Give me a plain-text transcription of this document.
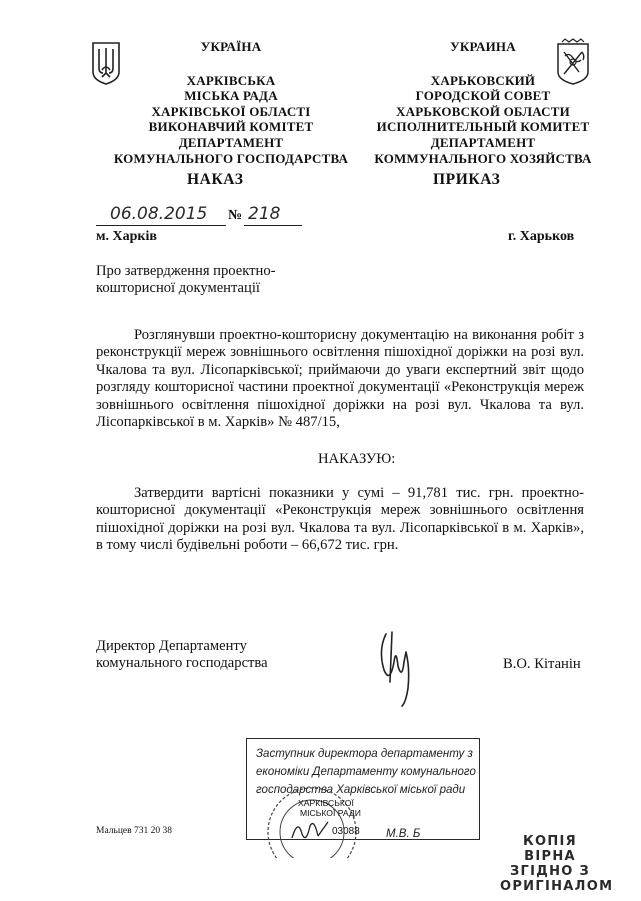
УКРАЇНА
ХАРКІВСЬКА
МІСЬКА РАДА
ХАРКІВСЬКОЇ ОБЛАСТІ
ВИКОНАВЧИЙ КОМІТЕТ
ДЕПАРТАМЕНТ
КОМУНАЛЬНОГО ГОСПОДАРСТВА
УКРАИНА
ХАРЬКОВСКИЙ
ГОРОДСКОЙ СОВЕТ
ХАРЬКОВСКОЙ ОБЛАСТИ
ИСПОЛНИТЕЛЬНЫЙ КОМИТЕТ
ДЕПАРТАМЕНТ
КОММУНАЛЬНОГО ХОЗЯЙСТВА
НАКАЗ	ПРИКАЗ
06.08.2015 № 218
м. Харків	г. Харьков
Про затвердження проектно-
кошторисної документації
Розглянувши проектно-кошторисну документацію на виконання робіт з реконструкції мереж зовнішнього освітлення пішохідної доріжки на розі вул. Чкалова та вул. Лісопарківської; приймаючи до уваги експертний звіт щодо розгляду кошторисної частини проектної документації «Реконструкція мереж зовнішнього освітлення пішохідної доріжки на розі вул. Чкалова та вул. Лісопарківської в м. Харків» № 487/15,
НАКАЗУЮ:
Затвердити вартісні показники у сумі – 91,781 тис. грн. проектно-кошторисної документації «Реконструкція мереж зовнішнього освітлення пішохідної доріжки на розі вул. Чкалова та вул. Лісопарківської в м. Харків», в тому числі будівельні роботи – 66,672 тис. грн.
Директор Департаменту
комунального господарства	В.О. Кітанін
Заступник директора департаменту з
економіки Департаменту комунального
господарства Харківської міської ради
ХАРКІВСЬКОЇ
МІСЬКОЇ РАДИ
03088 М.В. Б
Мальцев 731 20 38
КОПІЯ ВІРНА
ЗГІДНО З
ОРИГІНАЛОМ
